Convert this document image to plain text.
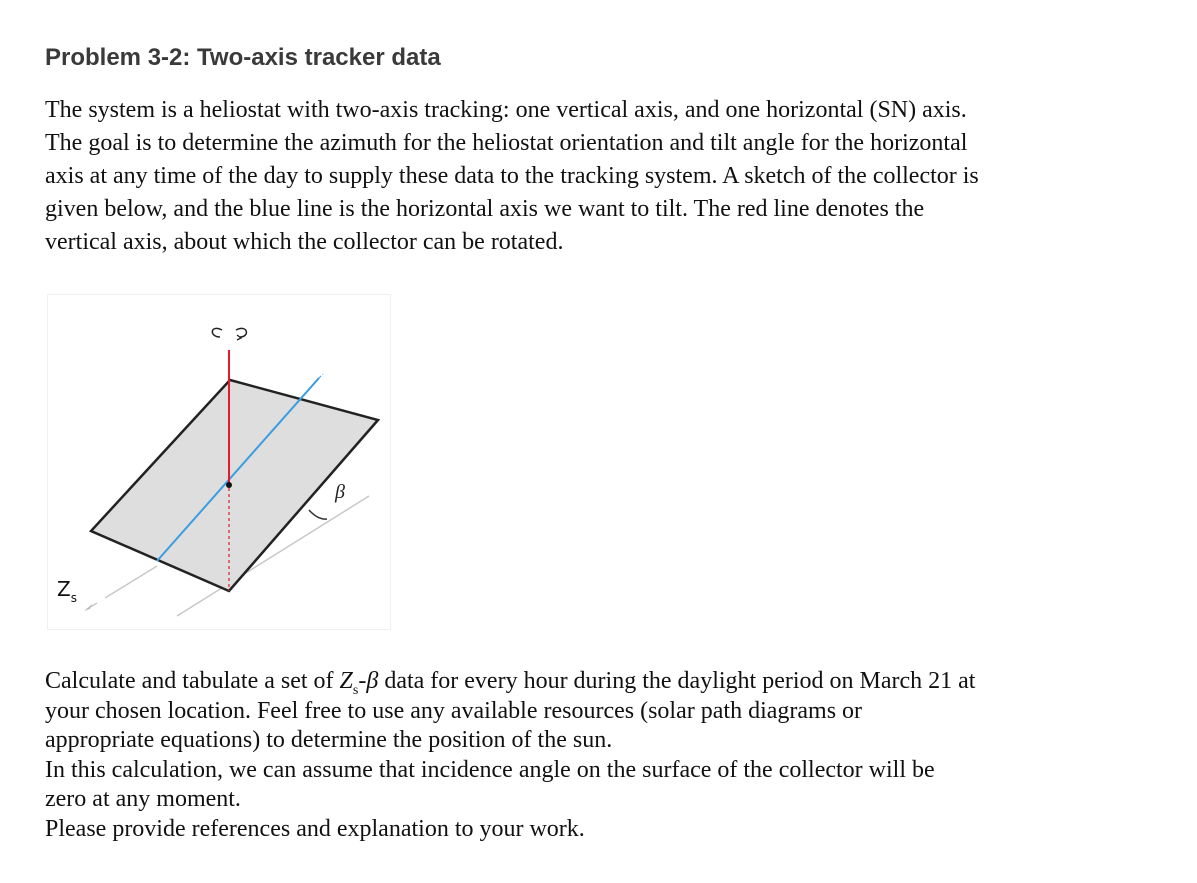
Problem 3-2: Two-axis tracker data
The system is a heliostat with two-axis tracking: one vertical axis, and one horizontal (SN) axis.
The goal is to determine the azimuth for the heliostat orientation and tilt angle for the horizontal
axis at any time of the day to supply these data to the tracking system. A sketch of the collector is
given below, and the blue line is the horizontal axis we want to tilt. The red line denotes the
vertical axis, about which the collector can be rotated.
β
$Z_s$
Calculate and tabulate a set of $Z_s-\beta$ data for every hour during the daylight period on March 21 at
your chosen location. Feel free to use any available resources (solar path diagrams or
appropriate equations) to determine the position of the sun.
In this calculation, we can assume that incidence angle on the surface of the collector will be
zero at any moment.
Please provide references and explanation to your work.
